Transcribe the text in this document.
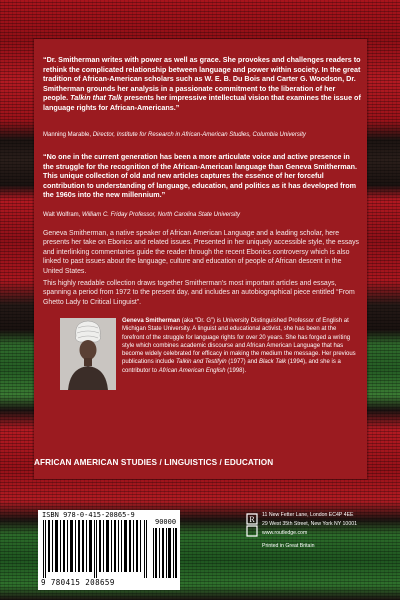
“Dr. Smitherman writes with power as well as grace. She provokes and challenges readers to rethink the complicated relationship between language and power within society. In the great tradition of African-American scholars such as W. E. B. Du Bois and Carter G. Woodson, Dr. Smitherman grounds her analysis in a passionate commitment to the liberation of her people. Talkin that Talk presents her impressive intellectual vision that examines the issue of language rights for African-Americans.”

Manning Marable, Director, Institute for Research in African-American Studies, Columbia University

“No one in the current generation has been a more articulate voice and active presence in the struggle for the recognition of the African-American language than Geneva Smitherman. This unique collection of old and new articles captures the essence of her forceful contribution to understanding of language, education, and politics as it has developed from the 1960s into the new millennium.”

Walt Wolfram, William C. Friday Professor, North Carolina State University

Geneva Smitherman, a native speaker of African American Language and a leading scholar, here presents her take on Ebonics and related issues. Presented in her uniquely accessible style, the essays and interlinking commentaries guide the reader through the recent Ebonics controversy which is also linked to past issues about the language, culture and education of people of African descent in the United States.

This highly readable collection draws together Smitherman's most important articles and essays, spanning a period from 1972 to the present day, and includes an autobiographical piece entitled “From Ghetto Lady to Critical Linguist”.

Geneva Smitherman (aka “Dr. G”) is University Distinguished Professor of English at Michigan State University. A linguist and educational activist, she has been at the forefront of the struggle for language rights for over 20 years. She has forged a writing style which combines academic discourse and African American Language that has become widely celebrated for efficacy in making the medium the message. Her previous publications include Talkin and Testifyin (1977) and Black Talk (1994), and she is a contributor to African American English (1998).

AFRICAN AMERICAN STUDIES / LINGUISTICS / EDUCATION

ISBN 978-0-415-20865-9
90000
9 780415 208659
R 11 New Fetter Lane, London EC4P 4EE

29 West 35th Street, New York NY 10001

www.routledge.com

Printed in Great Britain
